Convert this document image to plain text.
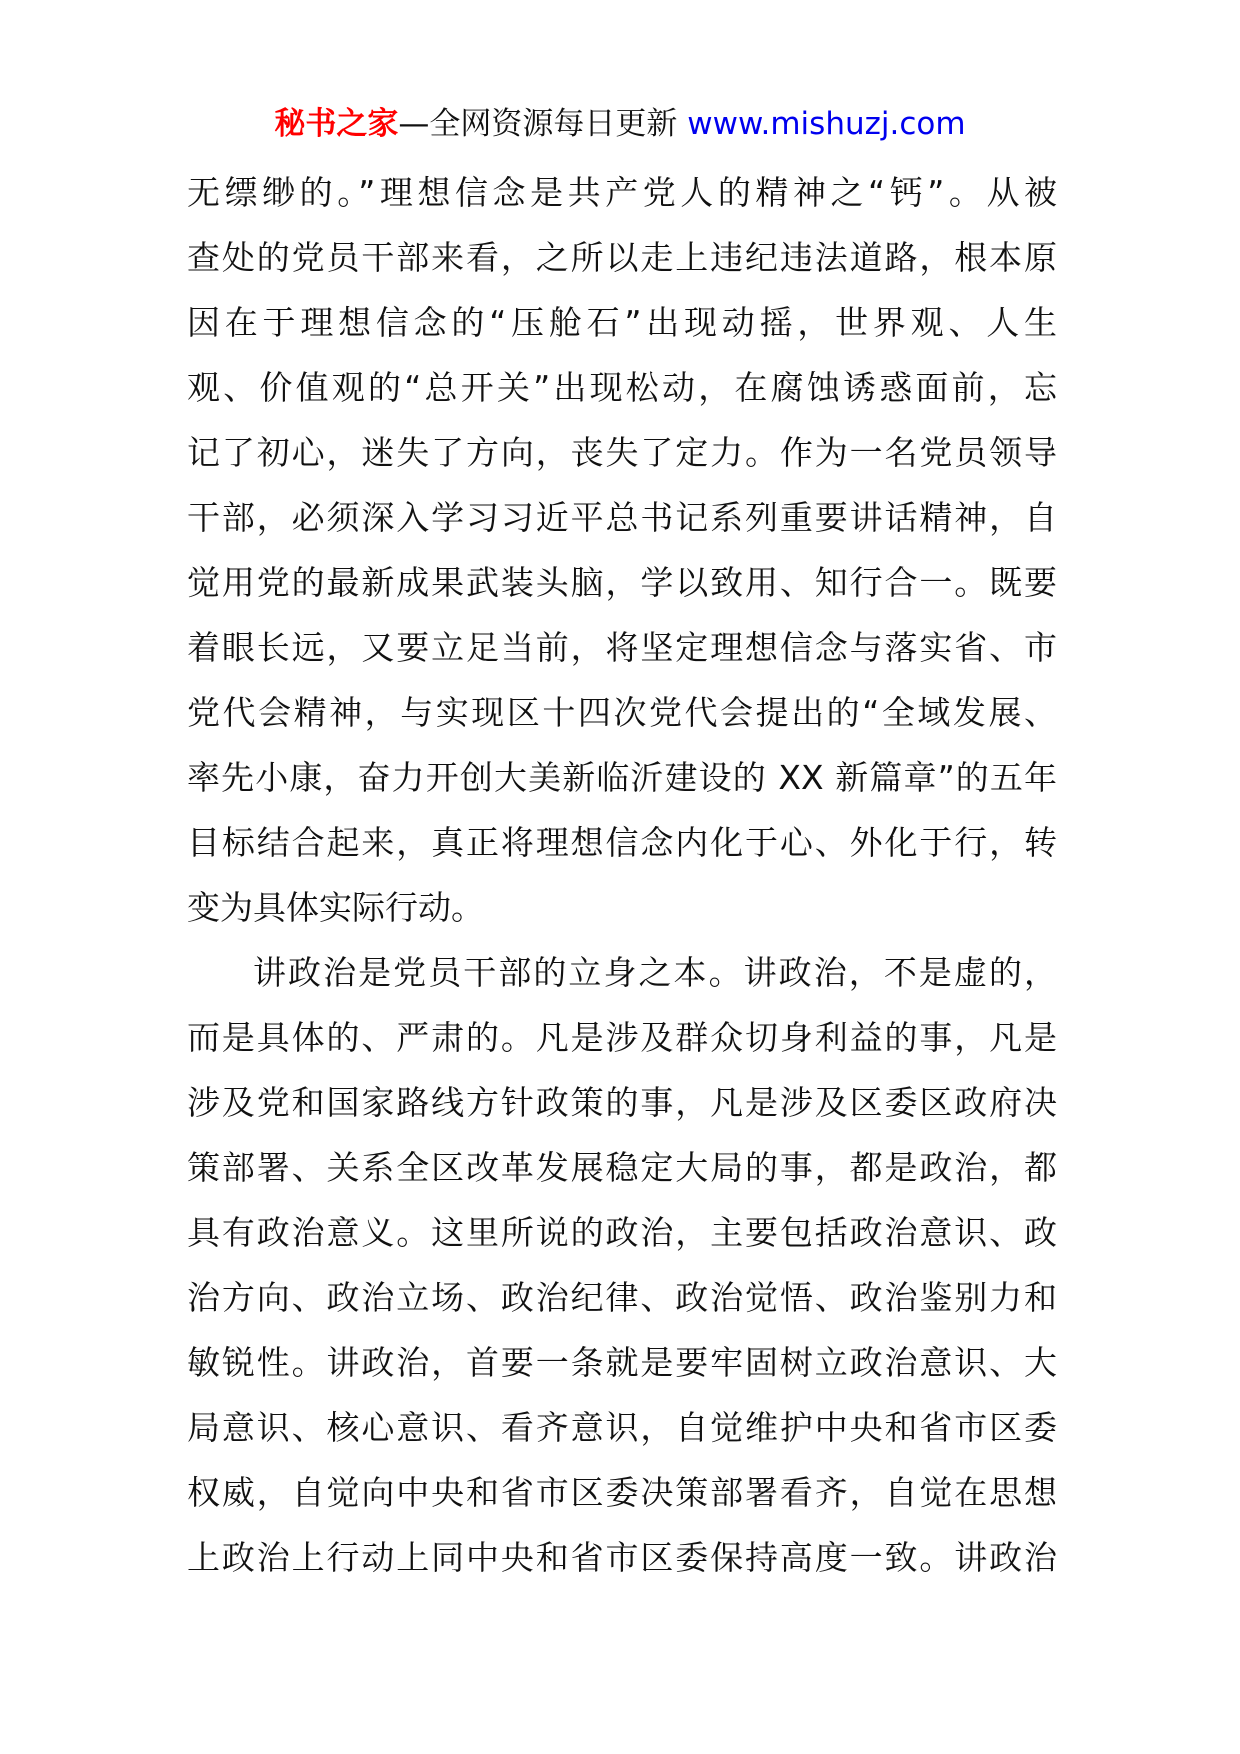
秘书之家—全网资源每日更新 www.mishuzj.com
无缥缈的。”理想信念是共产党人的精神之“钙”。从被
查处的党员干部来看，之所以走上违纪违法道路，根本原
因在于理想信念的“压舱石”出现动摇，世界观、人生
观、价值观的“总开关”出现松动，在腐蚀诱惑面前，忘
记了初心，迷失了方向，丧失了定力。作为一名党员领导
干部，必须深入学习习近平总书记系列重要讲话精神，自
觉用党的最新成果武装头脑，学以致用、知行合一。既要
着眼长远，又要立足当前，将坚定理想信念与落实省、市
党代会精神，与实现区十四次党代会提出的“全域发展、
率先小康，奋力开创大美新临沂建设的 XX 新篇章”的五年
目标结合起来，真正将理想信念内化于心、外化于行，转
变为具体实际行动。
讲政治是党员干部的立身之本。讲政治，不是虚的，
而是具体的、严肃的。凡是涉及群众切身利益的事，凡是
涉及党和国家路线方针政策的事，凡是涉及区委区政府决
策部署、关系全区改革发展稳定大局的事，都是政治，都
具有政治意义。这里所说的政治，主要包括政治意识、政
治方向、政治立场、政治纪律、政治觉悟、政治鉴别力和
敏锐性。讲政治，首要一条就是要牢固树立政治意识、大
局意识、核心意识、看齐意识，自觉维护中央和省市区委
权威，自觉向中央和省市区委决策部署看齐，自觉在思想
上政治上行动上同中央和省市区委保持高度一致。讲政治
